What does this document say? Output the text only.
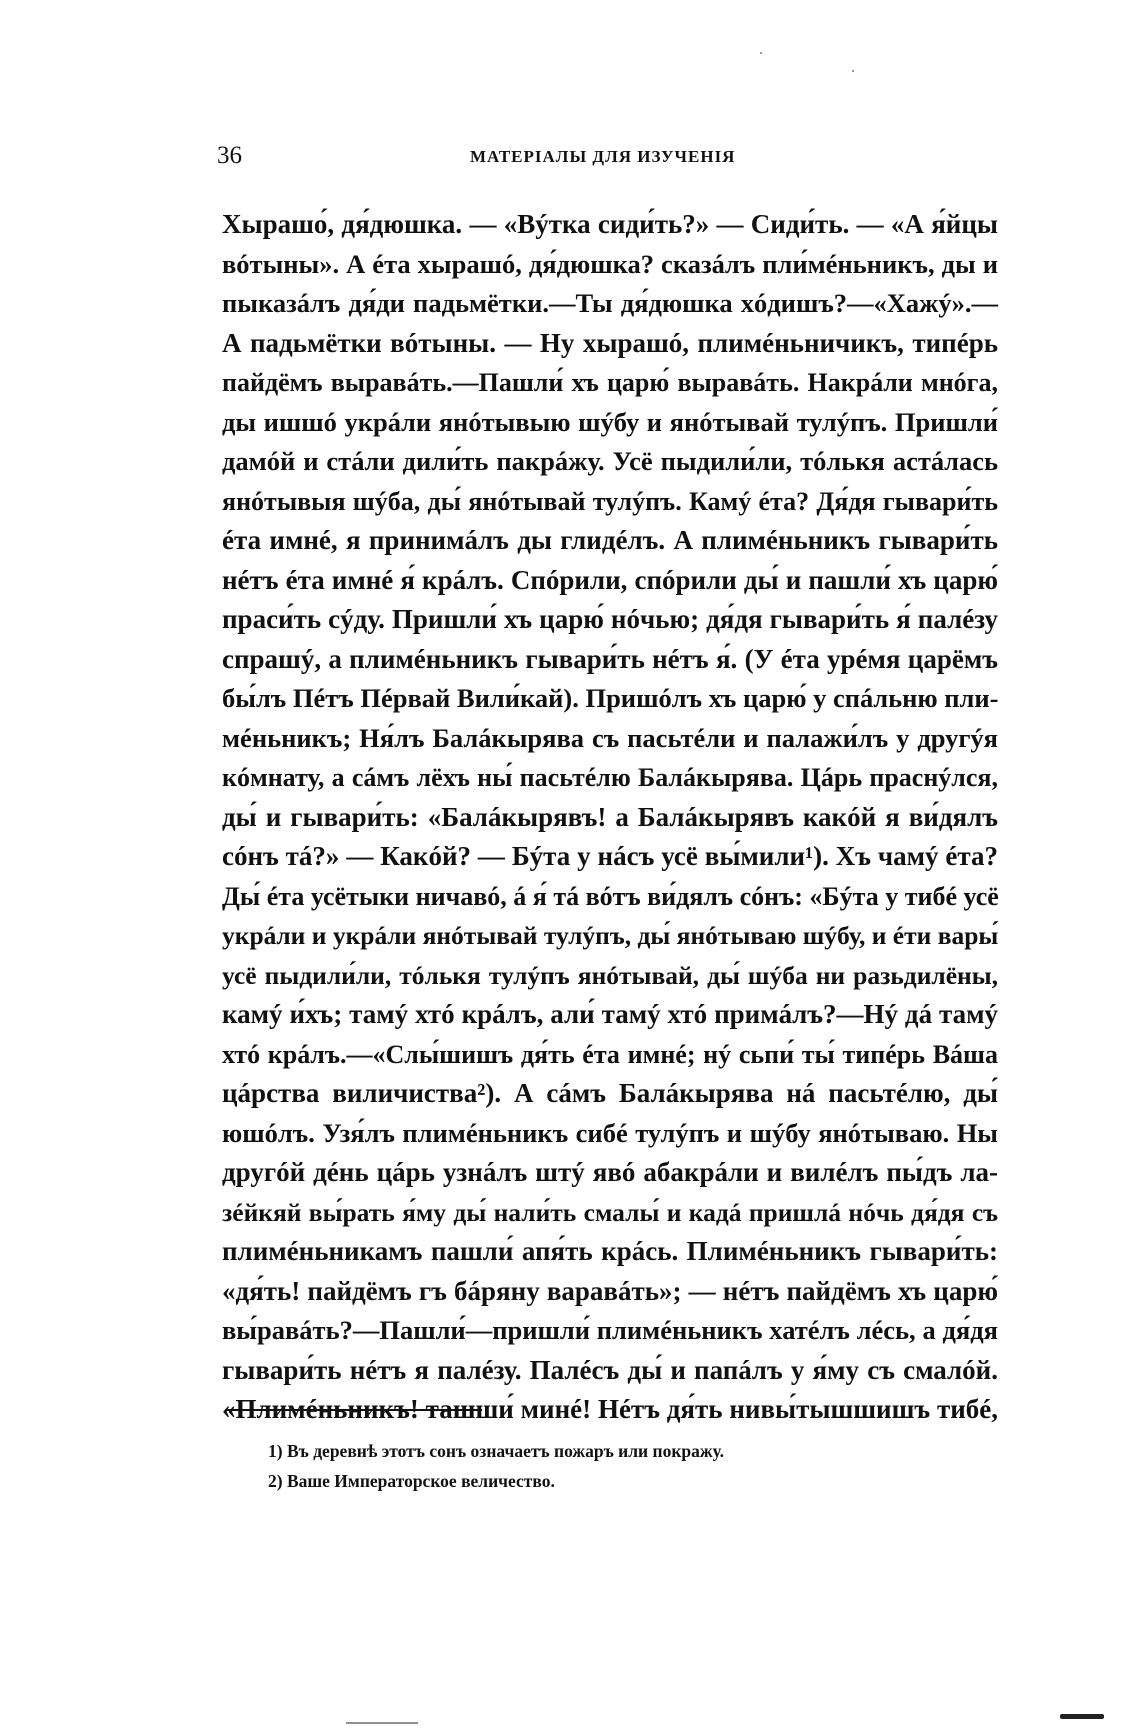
36	МАТЕРІАЛЫ ДЛЯ ИЗУЧЕНІЯ
Хырашо́, дя́дюшка. — «Вýтка сиди́ть?» — Сиди́ть. — «А я́йцы
вóтыны». А éта хырашó, дя́дюшка? сказáлъ пли́мéньникъ, ды и
пыказáлъ дя́ди падьмётки.—Ты дя́дюшка хóдишъ?—«Хажý».—
А падьмётки вóтыны. — Ну хырашó, плимéньничикъ, типéрь
пайдёмъ выравáть.—Пашли́ хъ царю́ выравáть. Накрáли мнóга,
ды ишшó укрáли янóтывыю шýбу и янóтывай тулýпъ. Пришли́
дамóй и стáли дили́ть пакрáжу. Усё пыдили́ли, тóлькя астáлась
янóтывыя шýба, ды́ янóтывай тулýпъ. Камý éта? Дя́дя гывари́ть
éта имнé, я принимáлъ ды глидéлъ. А плимéньникъ гывари́ть
нéтъ éта имнé я́ крáлъ. Спóрили, спóрили ды́ и пашли́ хъ царю́
праси́ть сýду. Пришли́ хъ царю́ нóчью; дя́дя гывари́ть я́ палéзу
спрашý, а плимéньникъ гывари́ть нéтъ я́. (У éта урéмя царёмъ
бы́лъ Пéтъ Пéрвай Вили́кай). Пришóлъ хъ царю́ у спáльню пли-
мéньникъ; Ня́лъ Балáкырява съ пасьтéли и палажи́лъ у другýя
кóмнату, а сáмъ лёхъ ны́ пасьтéлю Балáкырява. Цáрь праснýлся,
ды́ и гывари́ть: «Балáкырявъ! а Балáкырявъ какóй я ви́дялъ
сóнъ тá?» — Какóй? — Бýта у нáсъ усё вы́мили¹). Хъ чамý éта?
Ды́ éта усётыки ничавó, á я́ тá вóтъ ви́дялъ сóнъ: «Бýта у тибé усё
укрáли и укрáли янóтывай тулýпъ, ды́ янóтываю шýбу, и éти вары́
усё пыдили́ли, тóлькя тулýпъ янóтывай, ды́ шýба ни разьдилёны,
камý и́хъ; тамý хтó крáлъ, али́ тамý хтó примáлъ?—Нý дá тамý
хтó крáлъ.—«Слы́шишъ дя́ть éта имнé; нý сьпи́ ты́ типéрь Вáша
цáрства виличиства²). А сáмъ Балáкырява нá пасьтéлю, ды́
юшóлъ. Узя́лъ плимéньникъ сибé тулýпъ и шýбу янóтываю. Ны
другóй дéнь цáрь узнáлъ штý явó абакрáли и вилéлъ пы́дъ ла-
зéйкяй вы́рать я́му ды́ нали́ть смалы́ и кадá пришлá нóчь дя́дя съ
плимéньникамъ пашли́ апя́ть крáсь. Плимéньникъ гывари́ть:
«дя́ть! пайдёмъ гъ бáряну варавáть»; — нéтъ пайдёмъ хъ царю́
вы́равáть?—Пашли́—пришли́ плимéньникъ хатéлъ лéсь, а дя́дя
гывари́ть нéтъ я палéзу. Палéсъ ды́ и папáлъ у я́му съ смалóй.
«Плимéньникъ! ташши́ минé! Нéтъ дя́ть нивы́тышшишъ тибé,
1) Въ деревнѣ этотъ сонъ означаетъ пожаръ или покражу.
2) Ваше Императорское величество.
